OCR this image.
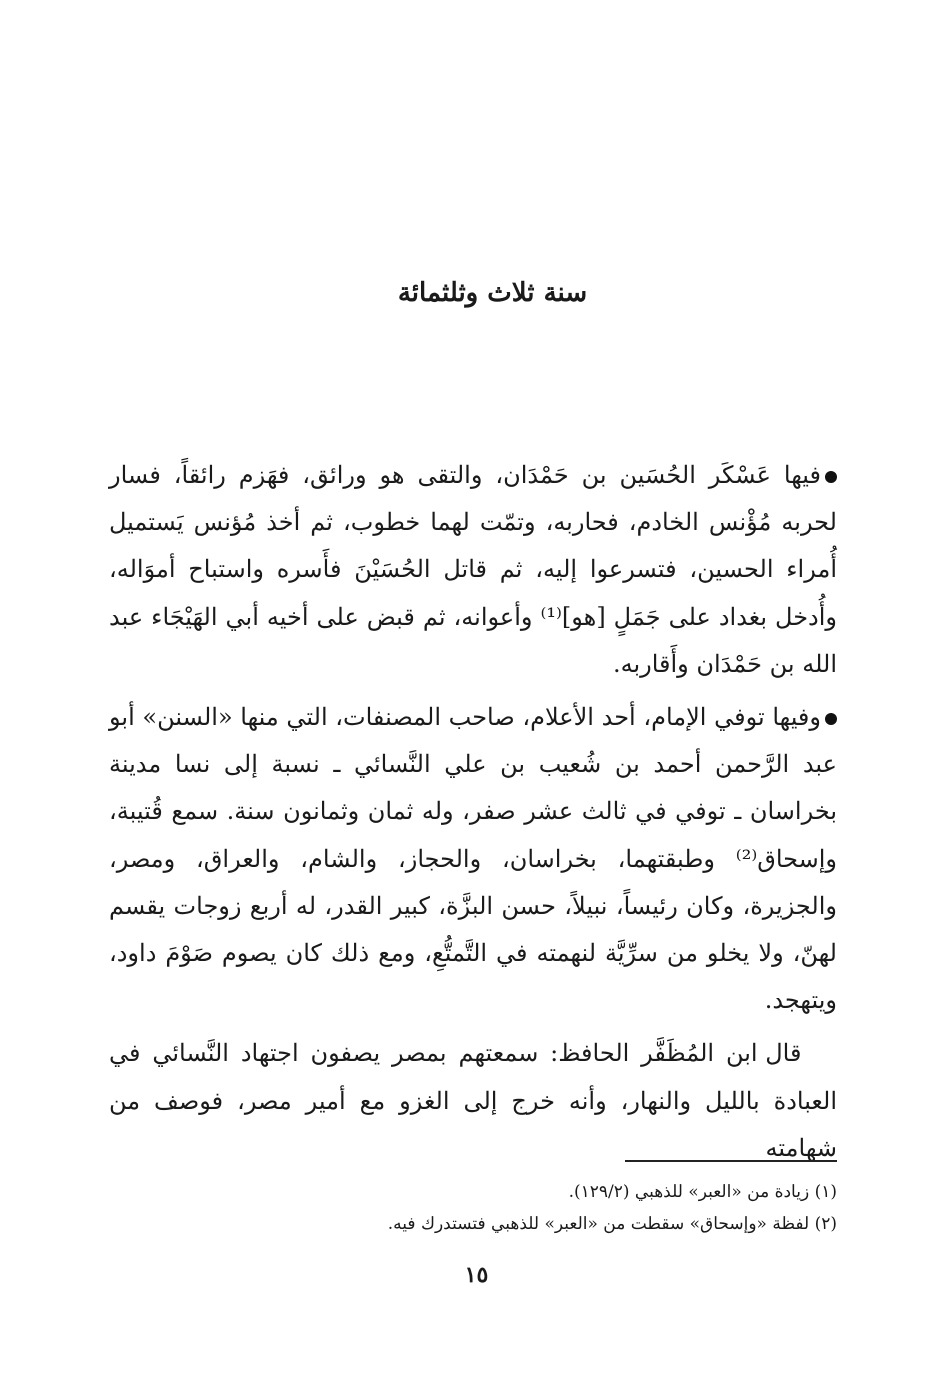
سنة ثلاث وثلثمائة

فيها عَسْكَر الحُسَين بن حَمْدَان، والتقى هو ورائق، فهَزم رائقاً، فسار لحربه مُؤْنس الخادم، فحاربه، وتمّت لهما خطوب، ثم أخذ مُؤنس يَستميل أُمراء الحسين، فتسرعوا إليه، ثم قاتل الحُسَيْنَ فأَسره واستباح أموَاله، وأُدخل بغداد على جَمَلٍ [هو]⁽¹⁾ وأعوانه، ثم قبض على أخيه أبي الهَيْجَاء عبد الله بن حَمْدَان وأَقاربه.

وفيها توفي الإمام، أحد الأعلام، صاحب المصنفات، التي منها «السنن» أبو عبد الرَّحمن أحمد بن شُعيب بن علي النَّسائي ـ نسبة إلى نسا مدينة بخراسان ـ توفي في ثالث عشر صفر، وله ثمان وثمانون سنة. سمع قُتيبة، وإسحاق⁽²⁾ وطبقتهما، بخراسان، والحجاز، والشام، والعراق، ومصر، والجزيرة، وكان رئيساً، نبيلاً، حسن البزَّة، كبير القدر، له أربع زوجات يقسم لهنّ، ولا يخلو من سرِّيَّة لنهمته في التَّمتُّعِ، ومع ذلك كان يصوم صَوْمَ داود، ويتهجد.

قال ابن المُظَفَّر الحافظ: سمعتهم بمصر يصفون اجتهاد النَّسائي في العبادة بالليل والنهار، وأنه خرج إلى الغزو مع أمير مصر، فوصف من شهامته

(١) زيادة من «العبر» للذهبي (١٢٩/٢).
(٢) لفظة «وإسحاق» سقطت من «العبر» للذهبي فتستدرك فيه.
١٥
